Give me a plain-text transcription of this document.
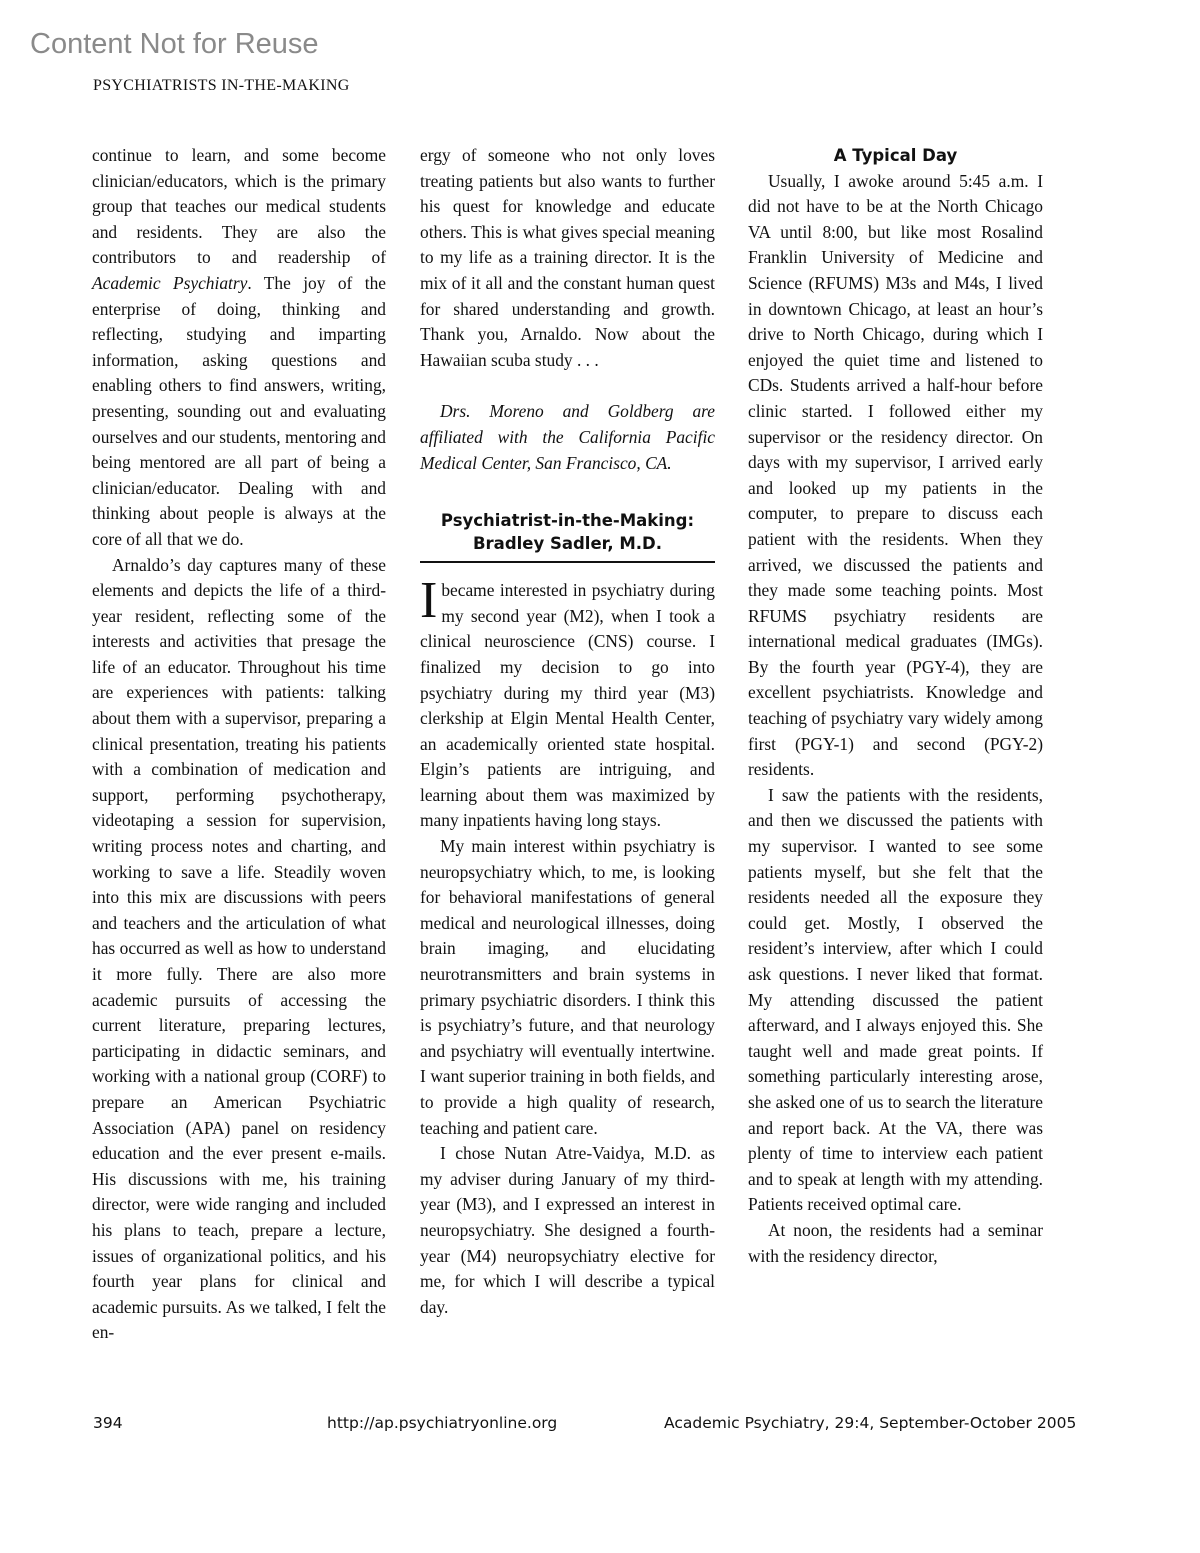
Content Not for Reuse
PSYCHIATRISTS IN-THE-MAKING

continue to learn, and some become clinician/educators, which is the primary group that teaches our medical students and residents. They are also the contributors to and readership of Academic Psychiatry. The joy of the enterprise of doing, thinking and reflecting, studying and imparting information, asking questions and enabling others to find answers, writing, presenting, sounding out and evaluating ourselves and our students, mentoring and being mentored are all part of being a clinician/educator. Dealing with and thinking about people is always at the core of all that we do.

Arnaldo’s day captures many of these elements and depicts the life of a third-year resident, reflecting some of the interests and activities that presage the life of an educator. Throughout his time are experiences with patients: talking about them with a supervisor, preparing a clinical presentation, treating his patients with a combination of medication and support, performing psychotherapy, videotaping a session for supervision, writing process notes and charting, and working to save a life. Steadily woven into this mix are discussions with peers and teachers and the articulation of what has occurred as well as how to understand it more fully. There are also more academic pursuits of accessing the current literature, preparing lectures, participating in didactic seminars, and working with a national group (CORF) to prepare an American Psychiatric Association (APA) panel on residency education and the ever present e-mails. His discussions with me, his training director, were wide ranging and included his plans to teach, prepare a lecture, issues of organizational politics, and his fourth year plans for clinical and academic pursuits. As we talked, I felt the en-

ergy of someone who not only loves treating patients but also wants to further his quest for knowledge and educate others. This is what gives special meaning to my life as a training director. It is the mix of it all and the constant human quest for shared understanding and growth. Thank you, Arnaldo. Now about the Hawaiian scuba study . . .

Drs. Moreno and Goldberg are affiliated with the California Pacific Medical Center, San Francisco, CA.

Psychiatrist-in-the-Making:
Bradley Sadler, M.D.

I became interested in psychiatry during my second year (M2), when I took a clinical neuroscience (CNS) course. I finalized my decision to go into psychiatry during my third year (M3) clerkship at Elgin Mental Health Center, an academically oriented state hospital. Elgin’s patients are intriguing, and learning about them was maximized by many inpatients having long stays.

My main interest within psychiatry is neuropsychiatry which, to me, is looking for behavioral manifestations of general medical and neurological illnesses, doing brain imaging, and elucidating neurotransmitters and brain systems in primary psychiatric disorders. I think this is psychiatry’s future, and that neurology and psychiatry will eventually intertwine. I want superior training in both fields, and to provide a high quality of research, teaching and patient care.

I chose Nutan Atre-Vaidya, M.D. as my adviser during January of my third-year (M3), and I expressed an interest in neuropsychiatry. She designed a fourth-year (M4) neuropsychiatry elective for me, for which I will describe a typical day.

A Typical Day

Usually, I awoke around 5:45 a.m. I did not have to be at the North Chicago VA until 8:00, but like most Rosalind Franklin University of Medicine and Science (RFUMS) M3s and M4s, I lived in downtown Chicago, at least an hour’s drive to North Chicago, during which I enjoyed the quiet time and listened to CDs. Students arrived a half-hour before clinic started. I followed either my supervisor or the residency director. On days with my supervisor, I arrived early and looked up my patients in the computer, to prepare to discuss each patient with the residents. When they arrived, we discussed the patients and they made some teaching points. Most RFUMS psychiatry residents are international medical graduates (IMGs). By the fourth year (PGY-4), they are excellent psychiatrists. Knowledge and teaching of psychiatry vary widely among first (PGY-1) and second (PGY-2) residents.

I saw the patients with the residents, and then we discussed the patients with my supervisor. I wanted to see some patients myself, but she felt that the residents needed all the exposure they could get. Mostly, I observed the resident’s interview, after which I could ask questions. I never liked that format. My attending discussed the patient afterward, and I always enjoyed this. She taught well and made great points. If something particularly interesting arose, she asked one of us to search the literature and report back. At the VA, there was plenty of time to interview each patient and to speak at length with my attending. Patients received optimal care.

At noon, the residents had a seminar with the residency director,

394	http://ap.psychiatryonline.org	Academic Psychiatry, 29:4, September-October 2005
